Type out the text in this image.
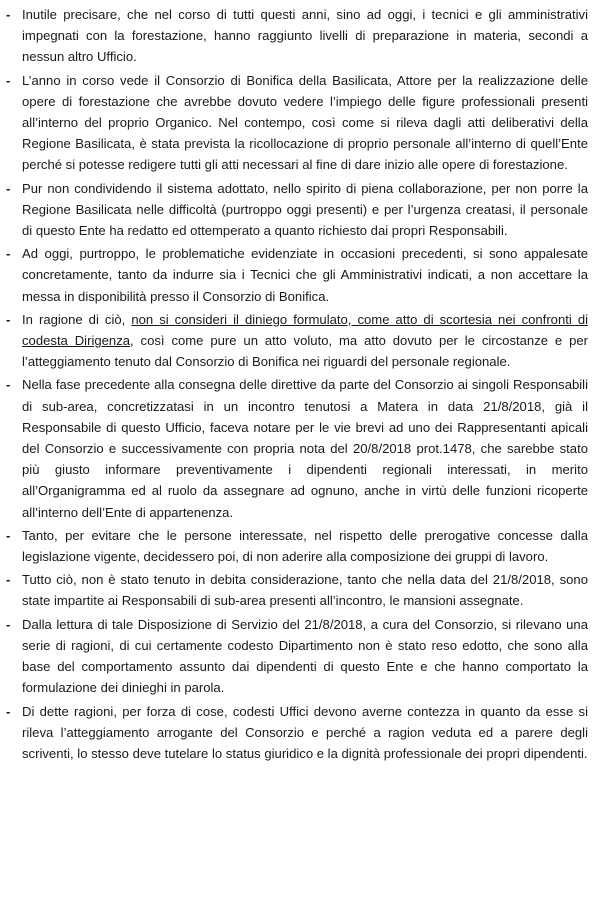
- Inutile precisare, che nel corso di tutti questi anni, sino ad oggi, i tecnici e gli amministrativi impegnati con la forestazione, hanno raggiunto livelli di preparazione in materia, secondi a nessun altro Ufficio.
- L’anno in corso vede il Consorzio di Bonifica della Basilicata, Attore per la realizzazione delle opere di forestazione che avrebbe dovuto vedere l’impiego delle figure professionali presenti all’interno del proprio Organico. Nel contempo, così come si rileva dagli atti deliberativi della Regione Basilicata, è stata prevista la ricollocazione di proprio personale all’interno di quell’Ente perché si potesse redigere tutti gli atti necessari al fine di dare inizio alle opere di forestazione.
- Pur non condividendo il sistema adottato, nello spirito di piena collaborazione, per non porre la Regione Basilicata nelle difficoltà (purtroppo oggi presenti) e per l’urgenza creatasi, il personale di questo Ente ha redatto ed ottemperato a quanto richiesto dai propri Responsabili.
- Ad oggi, purtroppo, le problematiche evidenziate in occasioni precedenti, si sono appalesate concretamente, tanto da indurre sia i Tecnici che gli Amministrativi indicati, a non accettare la messa in disponibilità presso il Consorzio di Bonifica.
- In ragione di ciò, non si consideri il diniego formulato, come atto di scortesia nei confronti di codesta Dirigenza, così come pure un atto voluto, ma atto dovuto per le circostanze e per l’atteggiamento tenuto dal Consorzio di Bonifica nei riguardi del personale regionale.
- Nella fase precedente alla consegna delle direttive da parte del Consorzio ai singoli Responsabili di sub-area, concretizzatasi in un incontro tenutosi a Matera in data 21/8/2018, già il Responsabile di questo Ufficio, faceva notare per le vie brevi ad uno dei Rappresentanti apicali del Consorzio e successivamente con propria nota del 20/8/2018 prot.1478, che sarebbe stato più giusto informare preventivamente i dipendenti regionali interessati, in merito all’Organigramma ed al ruolo da assegnare ad ognuno, anche in virtù delle funzioni ricoperte all’interno dell’Ente di appartenenza.
- Tanto, per evitare che le persone interessate, nel rispetto delle prerogative concesse dalla legislazione vigente, decidessero poi, di non aderire alla composizione dei gruppi di lavoro.
- Tutto ciò, non è stato tenuto in debita considerazione, tanto che nella data del 21/8/2018, sono state impartite ai Responsabili di sub-area presenti all’incontro, le mansioni assegnate.
- Dalla lettura di tale Disposizione di Servizio del 21/8/2018, a cura del Consorzio, si rilevano una serie di ragioni, di cui certamente codesto Dipartimento non è stato reso edotto, che sono alla base del comportamento assunto dai dipendenti di questo Ente e che hanno comportato la formulazione dei dinieghi in parola.
- Di dette ragioni, per forza di cose, codesti Uffici devono averne contezza in quanto da esse si rileva l’atteggiamento arrogante del Consorzio e perché a ragion veduta ed a parere degli scriventi, lo stesso deve tutelare lo status giuridico e la dignità professionale dei propri dipendenti.
